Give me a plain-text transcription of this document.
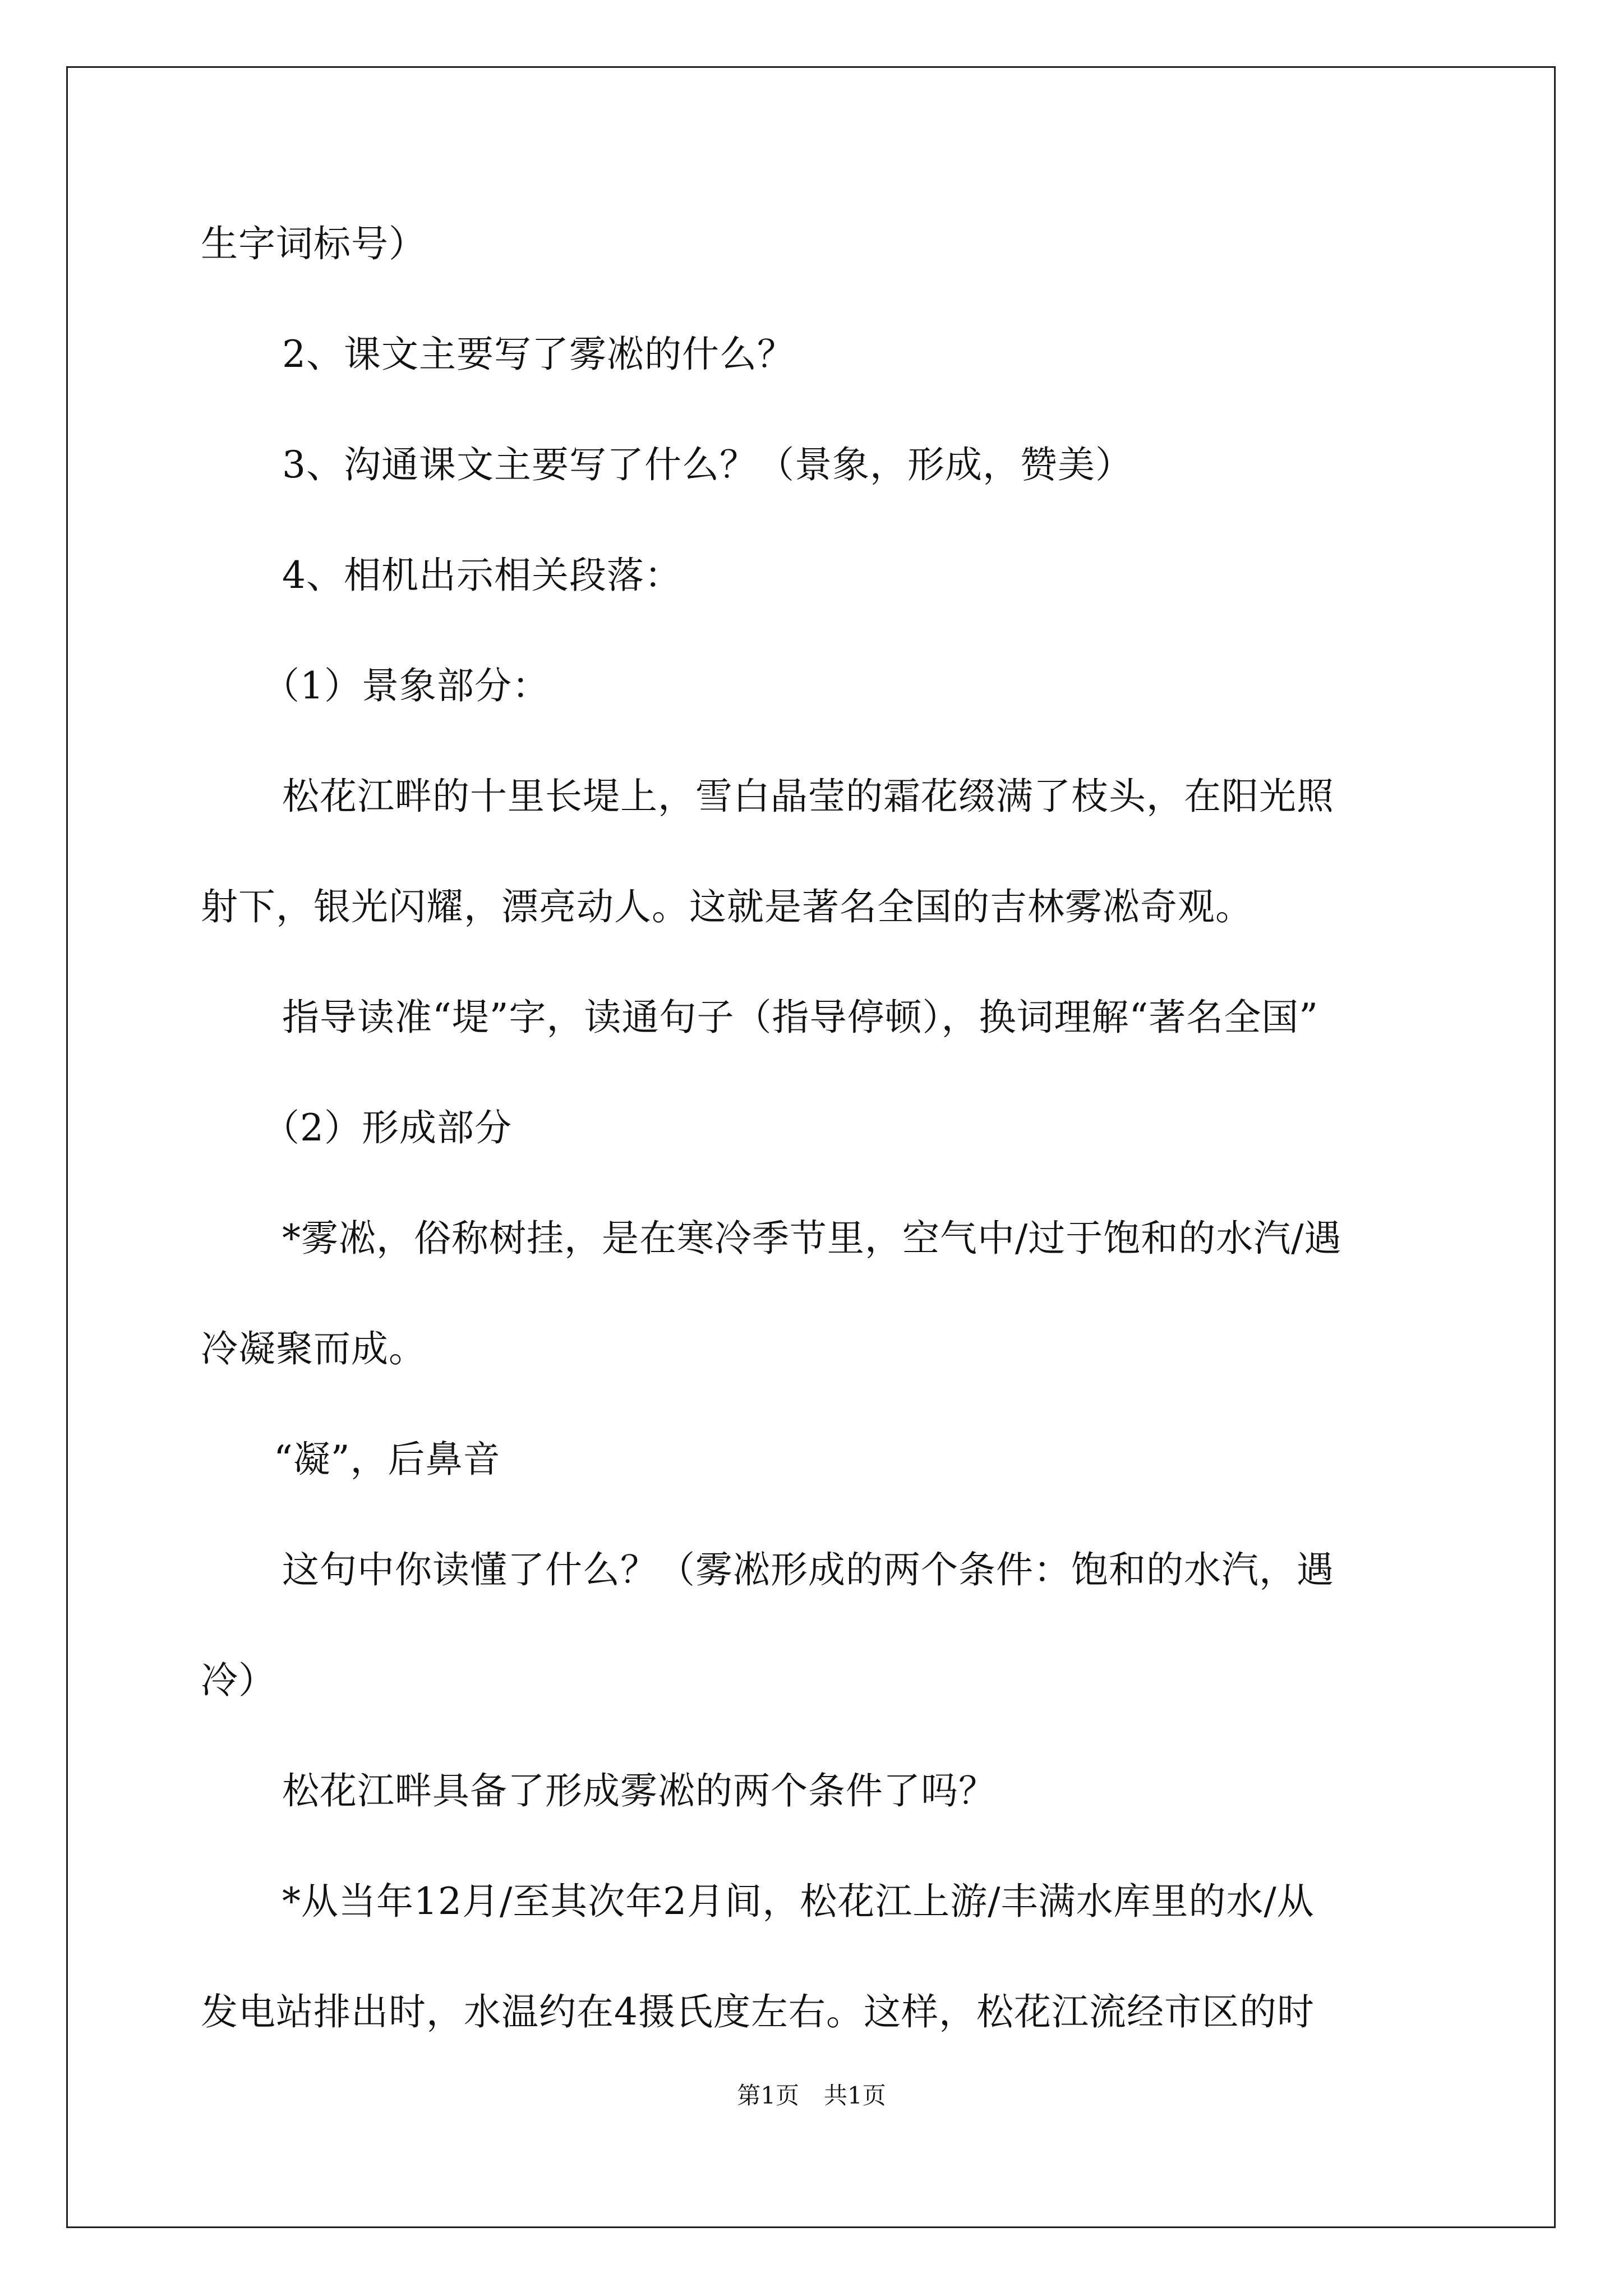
生字词标号）
2、课文主要写了雾凇的什么？
3、沟通课文主要写了什么？（景象，形成，赞美）
4、相机出示相关段落：
（1）景象部分：
松花江畔的十里长堤上，雪白晶莹的霜花缀满了枝头，在阳光照
射下，银光闪耀，漂亮动人。这就是著名全国的吉林雾凇奇观。
指导读准“堤”字，读通句子（指导停顿），换词理解“著名全国”
（2）形成部分
*雾凇，俗称树挂，是在寒冷季节里，空气中/过于饱和的水汽/遇
冷凝聚而成。
“凝”，后鼻音
这句中你读懂了什么？（雾凇形成的两个条件：饱和的水汽，遇
冷）
松花江畔具备了形成雾凇的两个条件了吗？
*从当年12月/至其次年2月间，松花江上游/丰满水库里的水/从
发电站排出时，水温约在4摄氏度左右。这样，松花江流经市区的时
第1页 共1页
